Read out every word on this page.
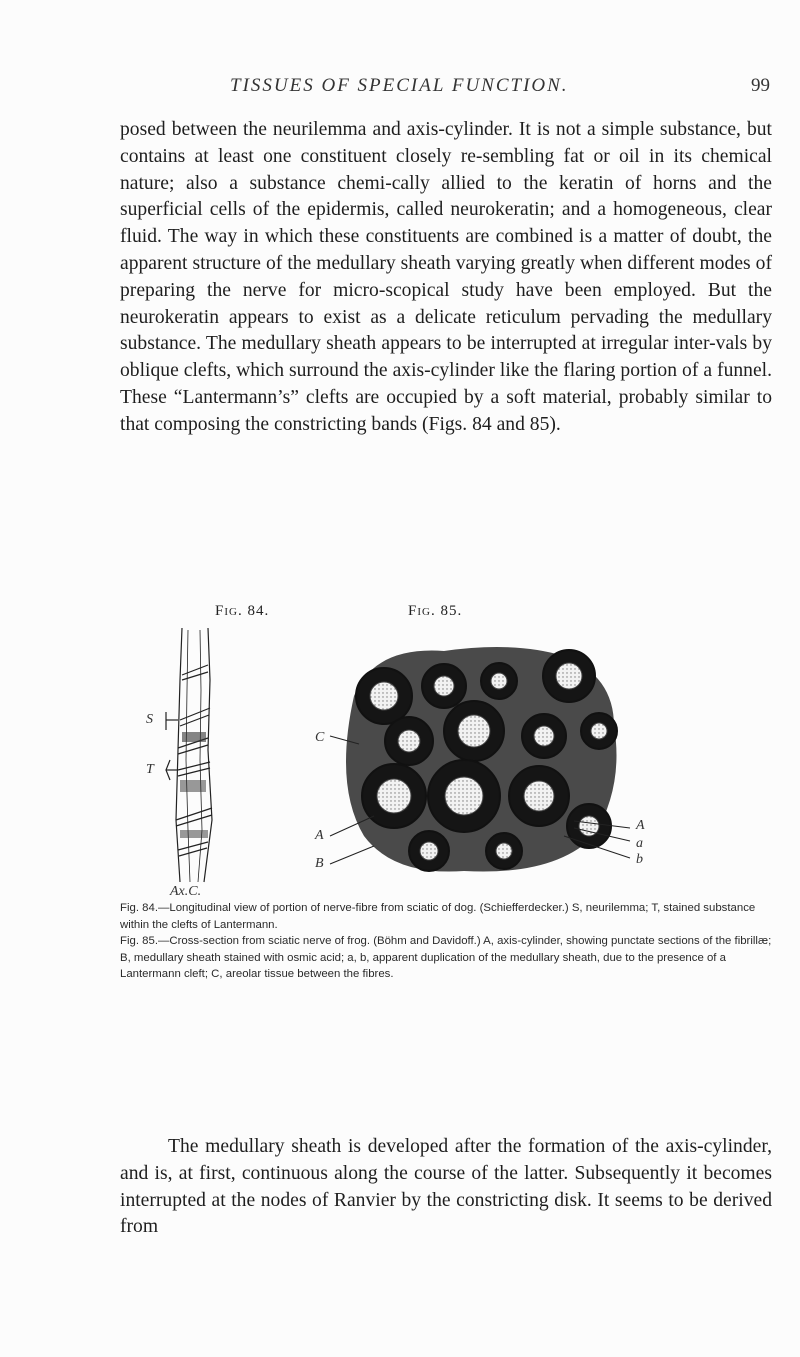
TISSUES OF SPECIAL FUNCTION.	99

posed between the neurilemma and axis-cylinder. It is not a simple substance, but contains at least one constituent closely re-sembling fat or oil in its chemical nature; also a substance chemi-cally allied to the keratin of horns and the superficial cells of the epidermis, called neurokeratin; and a homogeneous, clear fluid. The way in which these constituents are combined is a matter of doubt, the apparent structure of the medullary sheath varying greatly when different modes of preparing the nerve for micro-scopical study have been employed. But the neurokeratin appears to exist as a delicate reticulum pervading the medullary substance. The medullary sheath appears to be interrupted at irregular inter-vals by oblique clefts, which surround the axis-cylinder like the flaring portion of a funnel. These “Lantermann’s” clefts are occupied by a soft material, probably similar to that composing the constricting bands (Figs. 84 and 85).

Fig. 84.	Fig. 85.
S
T
Ax.C.
C
A
B
A
a
b

Fig. 84.—Longitudinal view of portion of nerve-fibre from sciatic of dog. (Schiefferdecker.) S, neurilemma; T, stained substance within the clefts of Lantermann.

Fig. 85.—Cross-section from sciatic nerve of frog. (Böhm and Davidoff.) A, axis-cylinder, showing punctate sections of the fibrillæ; B, medullary sheath stained with osmic acid; a, b, apparent duplication of the medullary sheath, due to the presence of a Lantermann cleft; C, areolar tissue between the fibres.

The medullary sheath is developed after the formation of the axis-cylinder, and is, at first, continuous along the course of the latter. Subsequently it becomes interrupted at the nodes of Ranvier by the constricting disk. It seems to be derived from
